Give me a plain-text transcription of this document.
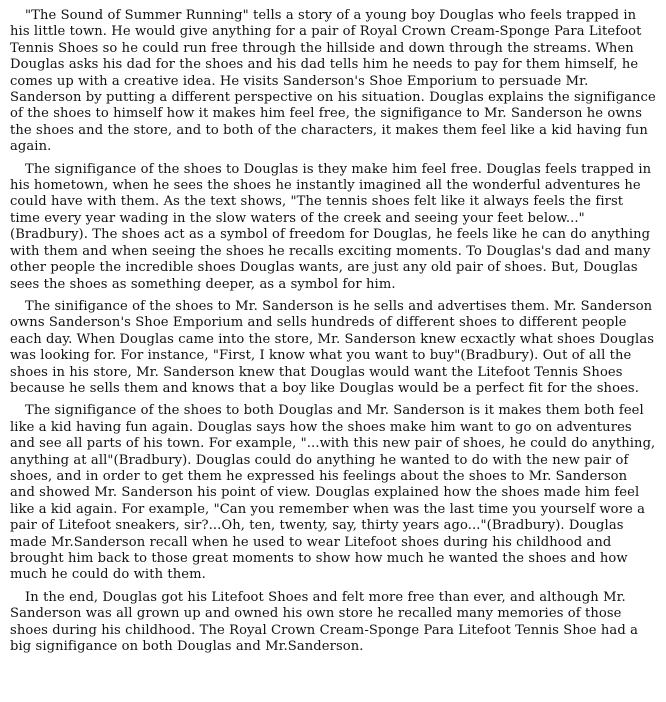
"The Sound of Summer Running" tells a story of a young boy Douglas who feels trapped in his little town. He would give anything for a pair of Royal Crown Cream-Sponge Para Litefoot Tennis Shoes so he could run free through the hillside and down through the streams. When Douglas asks his dad for the shoes and his dad tells him he needs to pay for them himself, he comes up with a creative idea. He visits Sanderson's Shoe Emporium to persuade Mr. Sanderson by putting a different perspective on his situation. Douglas explains the signifigance of the shoes to himself how it makes him feel free, the signifigance to Mr. Sanderson he owns the shoes and the store, and to both of the characters, it makes them feel like a kid having fun again.

The signifigance of the shoes to Douglas is they make him feel free. Douglas feels trapped in his hometown, when he sees the shoes he instantly imagined all the wonderful adventures he could have with them. As the text shows, "The tennis shoes felt like it always feels the first time every year wading in the slow waters of the creek and seeing your feet below..."(Bradbury). The shoes act as a symbol of freedom for Douglas, he feels like he can do anything with them and when seeing the shoes he recalls exciting moments. To Douglas's dad and many other people the incredible shoes Douglas wants, are just any old pair of shoes. But, Douglas sees the shoes as something deeper, as a symbol for him.

The sinifigance of the shoes to Mr. Sanderson is he sells and advertises them. Mr. Sanderson owns Sanderson's Shoe Emporium and sells hundreds of different shoes to different people each day. When Douglas came into the store, Mr. Sanderson knew ecxactly what shoes Douglas was looking for. For instance, "First, I know what you want to buy"(Bradbury). Out of all the shoes in his store, Mr. Sanderson knew that Douglas would want the Litefoot Tennis Shoes because he sells them and knows that a boy like Douglas would be a perfect fit for the shoes.

The signifigance of the shoes to both Douglas and Mr. Sanderson is it makes them both feel like a kid having fun again. Douglas says how the shoes make him want to go on adventures and see all parts of his town. For example, "...with this new pair of shoes, he could do anything, anything at all"(Bradbury). Douglas could do anything he wanted to do with the new pair of shoes, and in order to get them he expressed his feelings about the shoes to Mr. Sanderson and showed Mr. Sanderson his point of view. Douglas explained how the shoes made him feel like a kid again. For example, "Can you remember when was the last time you yourself wore a pair of Litefoot sneakers, sir?...Oh, ten, twenty, say, thirty years ago..."(Bradbury). Douglas made Mr.Sanderson recall when he used to wear Litefoot shoes during his childhood and brought him back to those great moments to show how much he wanted the shoes and how much he could do with them.

In the end, Douglas got his Litefoot Shoes and felt more free than ever, and although Mr. Sanderson was all grown up and owned his own store he recalled many memories of those shoes during his childhood. The Royal Crown Cream-Sponge Para Litefoot Tennis Shoe had a big signifigance on both Douglas and Mr.Sanderson.
